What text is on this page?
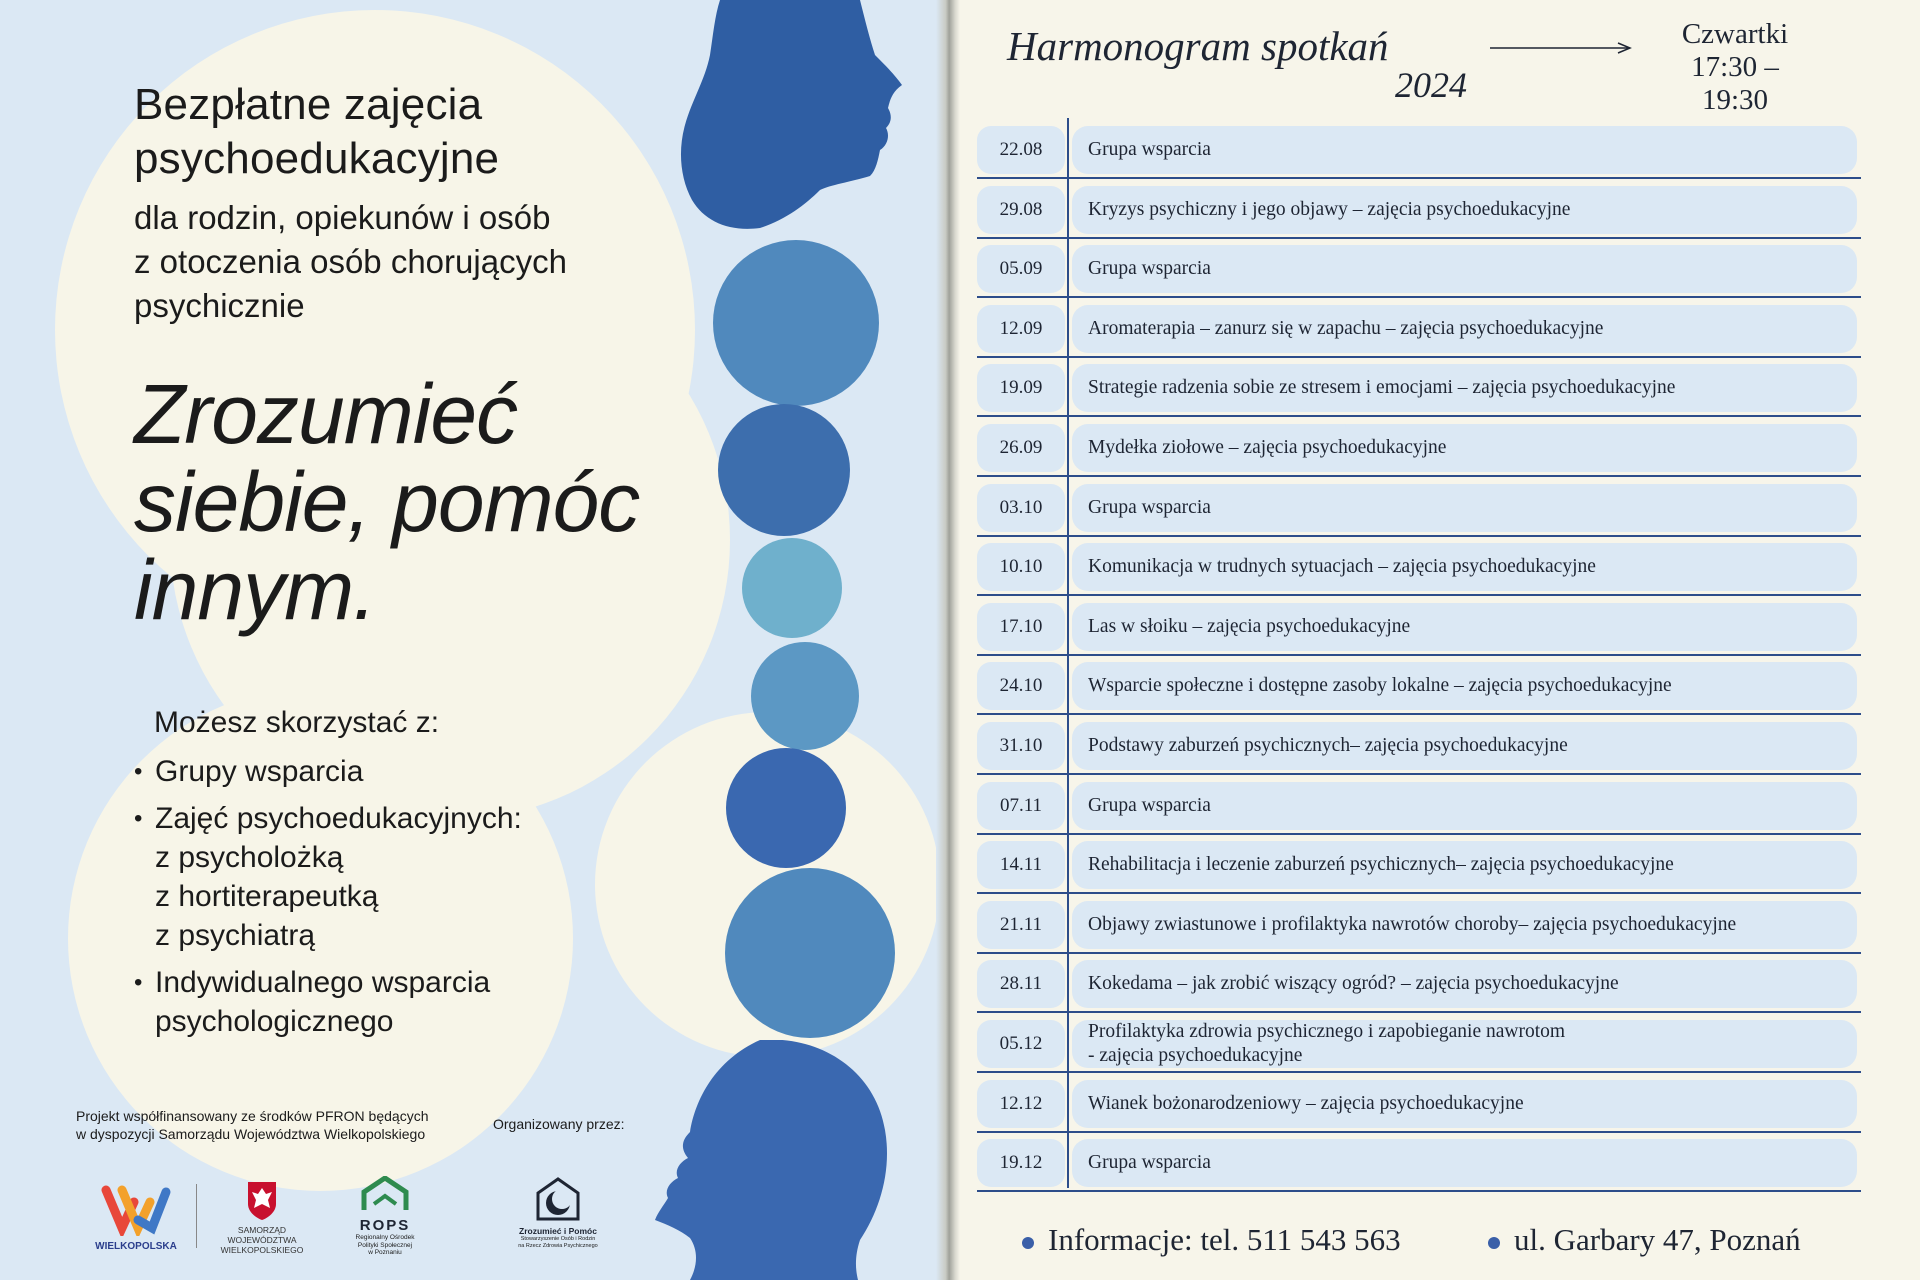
Bezpłatne zajęcia
psychoedukacyjne
dla rodzin, opiekunów i osób
z otoczenia osób chorujących
psychicznie
Zrozumieć
siebie, pomóc
innym.
Możesz skorzystać z:
• Grupy wsparcia
• Zajęć psychoedukacyjnych:
z psycholożką
z hortiterapeutką
z psychiatrą
• Indywidualnego wsparcia
psychologicznego
Projekt współfinansowany ze środków PFRON będących
w dyspozycji Samorządu Województwa Wielkopolskiego
Organizowany przez:
WIELKOPOLSKA
SAMORZĄD
WOJEWÓDZTWA
WIELKOPOLSKIEGO
ROPS
Regionalny Ośrodek
Polityki Społecznej
w Poznaniu
Zrozumieć i Pomóc
Stowarzyszenie Osób i Rodzin
na Rzecz Zdrowia Psychicznego
Harmonogram spotkań
2024
Czwartki
17:30 – 19:30
22.08	Grupa wsparcia
29.08	Kryzys psychiczny i jego objawy – zajęcia psychoedukacyjne
05.09	Grupa wsparcia
12.09	Aromaterapia – zanurz się w zapachu – zajęcia psychoedukacyjne
19.09	Strategie radzenia sobie ze stresem i emocjami – zajęcia psychoedukacyjne
26.09	Mydełka ziołowe – zajęcia psychoedukacyjne
03.10	Grupa wsparcia
10.10	Komunikacja w trudnych sytuacjach – zajęcia psychoedukacyjne
17.10	Las w słoiku – zajęcia psychoedukacyjne
24.10	Wsparcie społeczne i dostępne zasoby lokalne – zajęcia psychoedukacyjne
31.10	Podstawy zaburzeń psychicznych– zajęcia psychoedukacyjne
07.11	Grupa wsparcia
14.11	Rehabilitacja i leczenie zaburzeń psychicznych– zajęcia psychoedukacyjne
21.11	Objawy zwiastunowe i profilaktyka nawrotów choroby– zajęcia psychoedukacyjne
28.11	Kokedama – jak zrobić wiszący ogród? – zajęcia psychoedukacyjne
05.12
Profilaktyka zdrowia psychicznego i zapobieganie nawrotom
- zajęcia psychoedukacyjne
12.12	Wianek bożonarodzeniowy – zajęcia psychoedukacyjne
19.12	Grupa wsparcia
Informacje: tel. 511 543 563	ul. Garbary 47, Poznań
